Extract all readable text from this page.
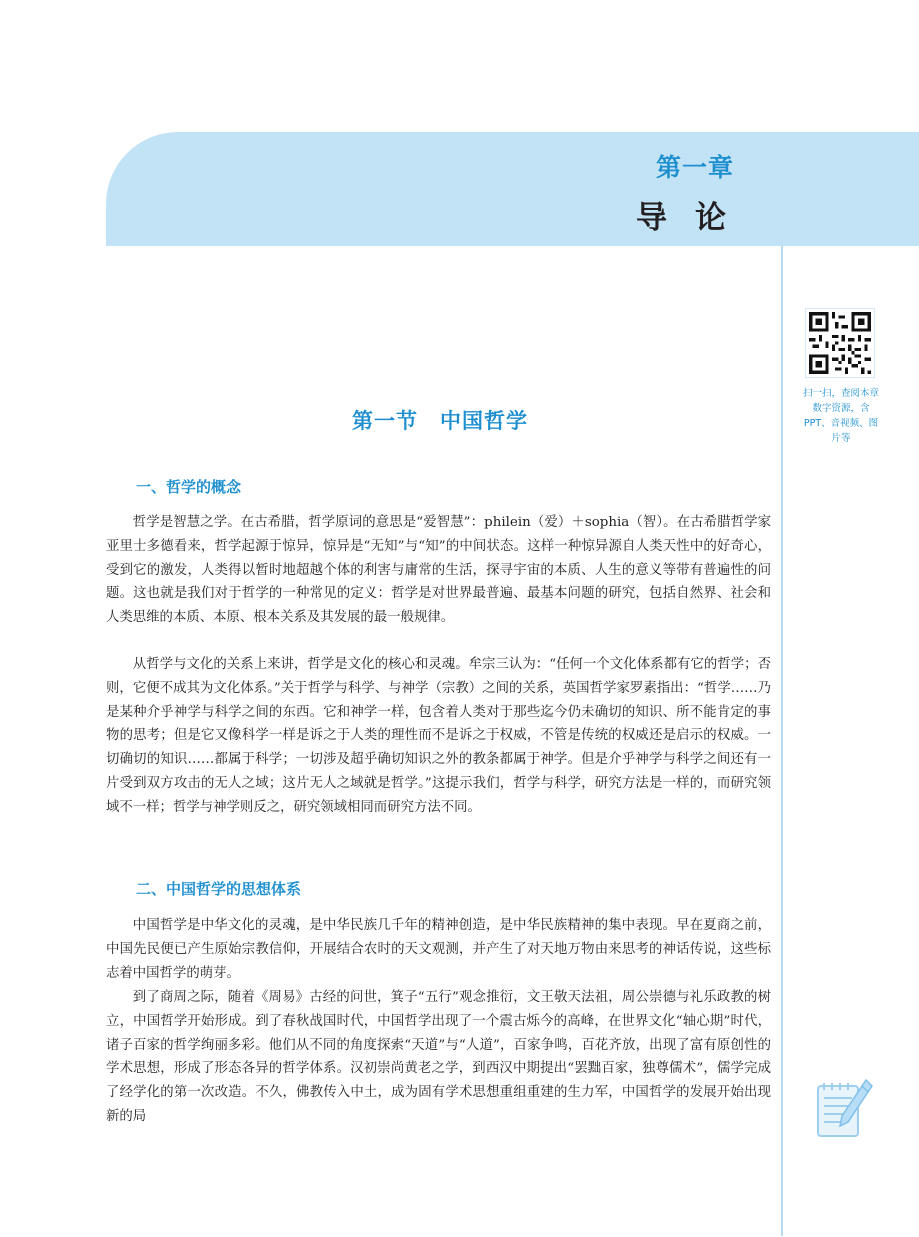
第一章
导论
扫一扫，查阅本章数字资源，含PPT、音视频、图片等
第一节　中国哲学
一、哲学的概念

哲学是智慧之学。在古希腊，哲学原词的意思是“爱智慧”：philein（爱）＋sophia（智）。在古希腊哲学家亚里士多德看来，哲学起源于惊异，惊异是“无知”与“知”的中间状态。这样一种惊异源自人类天性中的好奇心，受到它的激发，人类得以暂时地超越个体的利害与庸常的生活，探寻宇宙的本质、人生的意义等带有普遍性的问题。这也就是我们对于哲学的一种常见的定义：哲学是对世界最普遍、最基本问题的研究，包括自然界、社会和人类思维的本质、本原、根本关系及其发展的最一般规律。

从哲学与文化的关系上来讲，哲学是文化的核心和灵魂。牟宗三认为：“任何一个文化体系都有它的哲学；否则，它便不成其为文化体系。”关于哲学与科学、与神学（宗教）之间的关系，英国哲学家罗素指出：“哲学……乃是某种介乎神学与科学之间的东西。它和神学一样，包含着人类对于那些迄今仍未确切的知识、所不能肯定的事物的思考；但是它又像科学一样是诉之于人类的理性而不是诉之于权威，不管是传统的权威还是启示的权威。一切确切的知识……都属于科学；一切涉及超乎确切知识之外的教条都属于神学。但是介乎神学与科学之间还有一片受到双方攻击的无人之域；这片无人之域就是哲学。”这提示我们，哲学与科学，研究方法是一样的，而研究领域不一样；哲学与神学则反之，研究领域相同而研究方法不同。

二、中国哲学的思想体系

中国哲学是中华文化的灵魂，是中华民族几千年的精神创造，是中华民族精神的集中表现。早在夏商之前，中国先民便已产生原始宗教信仰，开展结合农时的天文观测，并产生了对天地万物由来思考的神话传说，这些标志着中国哲学的萌芽。

到了商周之际，随着《周易》古经的问世，箕子“五行”观念推衍，文王敬天法祖，周公崇德与礼乐政教的树立，中国哲学开始形成。到了春秋战国时代，中国哲学出现了一个震古烁今的高峰，在世界文化“轴心期”时代，诸子百家的哲学绚丽多彩。他们从不同的角度探索“天道”与“人道”，百家争鸣，百花齐放，出现了富有原创性的学术思想，形成了形态各异的哲学体系。汉初崇尚黄老之学，到西汉中期提出“罢黜百家，独尊儒术”，儒学完成了经学化的第一次改造。不久，佛教传入中土，成为固有学术思想重组重建的生力军，中国哲学的发展开始出现新的局
